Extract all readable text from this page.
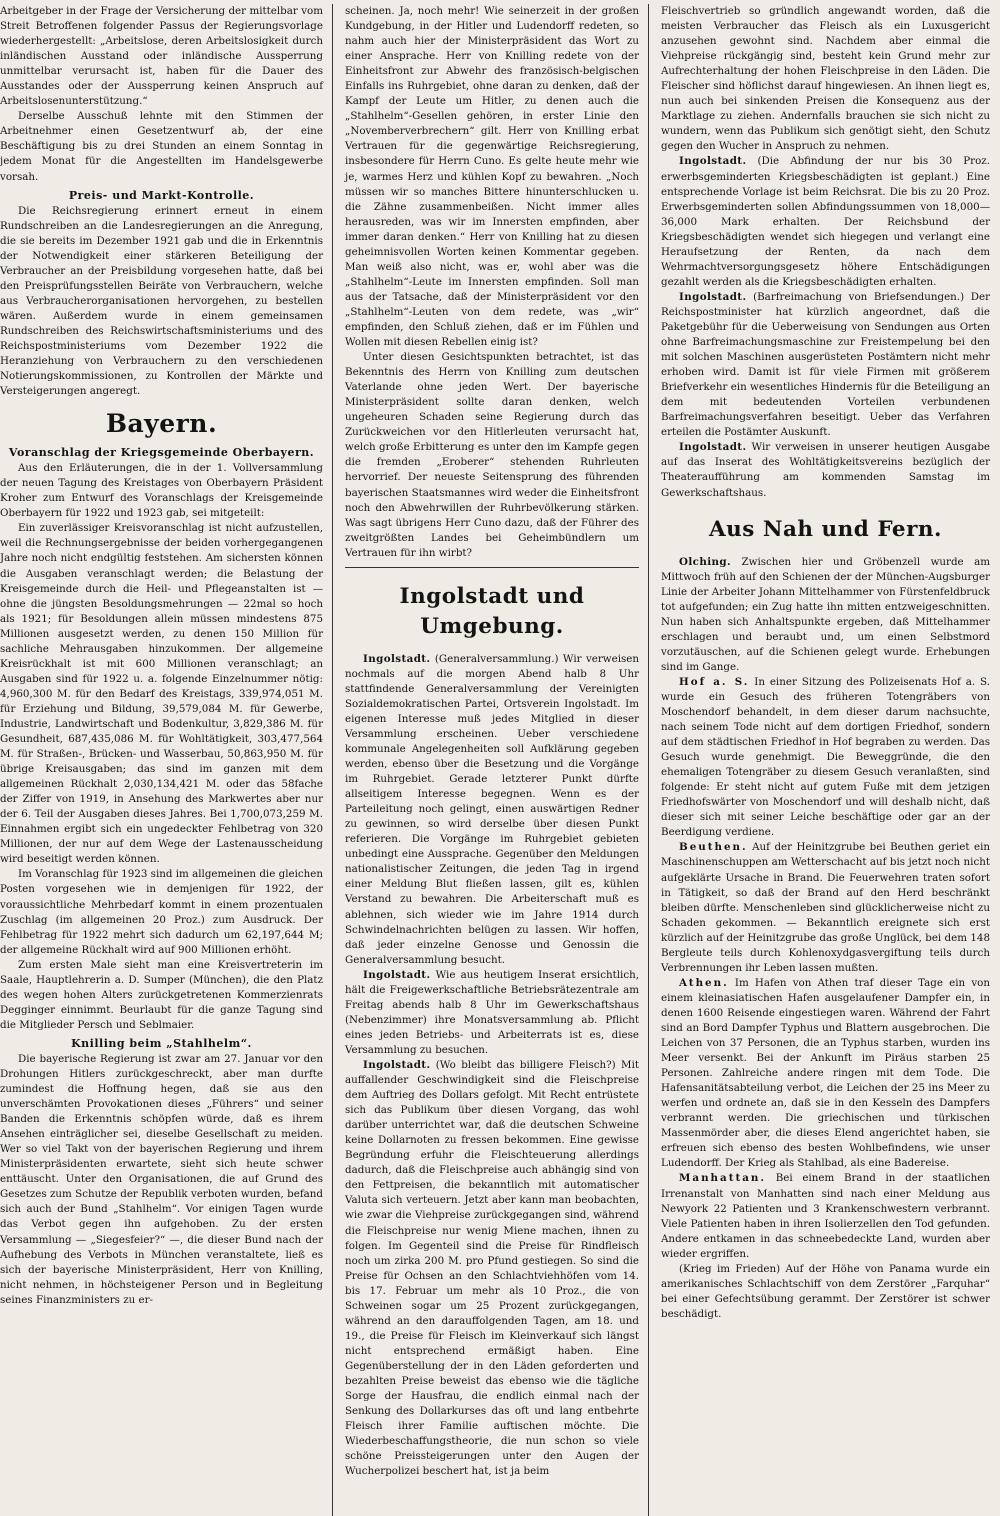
Arbeitgeber in der Frage der Versicherung der mittelbar vom Streit Betroffenen folgender Passus der Regierungsvorlage wiederhergestellt: „Arbeitslose, deren Arbeitslosigkeit durch inländischen Ausstand oder inländische Aussperrung unmittelbar verursacht ist, haben für die Dauer des Ausstandes oder der Aussperrung keinen Anspruch auf Arbeitslosenunterstützung.“

Derselbe Ausschuß lehnte mit den Stimmen der Arbeitnehmer einen Gesetzentwurf ab, der eine Beschäftigung bis zu drei Stunden an einem Sonntag in jedem Monat für die Angestellten im Handelsgewerbe vorsah.

Preis- und Markt-Kontrolle.

Die Reichsregierung erinnert erneut in einem Rundschreiben an die Landesregierungen an die Anregung, die sie bereits im Dezember 1921 gab und die in Erkenntnis der Notwendigkeit einer stärkeren Beteiligung der Verbraucher an der Preisbildung vorgesehen hatte, daß bei den Preisprüfungsstellen Beiräte von Verbrauchern, welche aus Verbraucherorganisationen hervorgehen, zu bestellen wären. Außerdem wurde in einem gemeinsamen Rundschreiben des Reichswirtschaftsministeriums und des Reichspostministeriums vom Dezember 1922 die Heranziehung von Verbrauchern zu den verschiedenen Notierungskommissionen, zu Kontrollen der Märkte und Versteigerungen angeregt.

Bayern.
Voranschlag der Kriegsgemeinde Oberbayern.

Aus den Erläuterungen, die in der 1. Vollversammlung der neuen Tagung des Kreistages von Oberbayern Präsident Kroher zum Entwurf des Voranschlags der Kreisgemeinde Oberbayern für 1922 und 1923 gab, sei mitgeteilt:

Ein zuverlässiger Kreisvoranschlag ist nicht aufzustellen, weil die Rechnungsergebnisse der beiden vorhergegangenen Jahre noch nicht endgültig feststehen. Am sichersten können die Ausgaben veranschlagt werden; die Belastung der Kreisgemeinde durch die Heil- und Pflegeanstalten ist — ohne die jüngsten Besoldungsmehrungen — 22mal so hoch als 1921; für Besoldungen allein müssen mindestens 875 Millionen ausgesetzt werden, zu denen 150 Million für sachliche Mehrausgaben hinzukommen. Der allgemeine Kreisrückhalt ist mit 600 Millionen veranschlagt; an Ausgaben sind für 1922 u. a. folgende Einzelnummer nötig: 4,960,300 M. für den Bedarf des Kreistags, 339,974,051 M. für Erziehung und Bildung, 39,579,084 M. für Gewerbe, Industrie, Landwirtschaft und Bodenkultur, 3,829,386 M. für Gesundheit, 687,435,086 M. für Wohltätigkeit, 303,477,564 M. für Straßen-, Brücken- und Wasserbau, 50,863,950 M. für übrige Kreisausgaben; das sind im ganzen mit dem allgemeinen Rückhalt 2,030,134,421 M. oder das 58fache der Ziffer von 1919, in Ansehung des Markwertes aber nur der 6. Teil der Ausgaben dieses Jahres. Bei 1,700,073,259 M. Einnahmen ergibt sich ein ungedeckter Fehlbetrag von 320 Millionen, der nur auf dem Wege der Lastenausscheidung wird beseitigt werden können.

Im Voranschlag für 1923 sind im allgemeinen die gleichen Posten vorgesehen wie in demjenigen für 1922, der voraussichtliche Mehrbedarf kommt in einem prozentualen Zuschlag (im allgemeinen 20 Proz.) zum Ausdruck. Der Fehlbetrag für 1922 mehrt sich dadurch um 62,197,644 M; der allgemeine Rückhalt wird auf 900 Millionen erhöht.

Zum ersten Male sieht man eine Kreisvertreterin im Saale, Hauptlehrerin a. D. Sumper (München), die den Platz des wegen hohen Alters zurückgetretenen Kommerzienrats Degginger einnimmt. Beurlaubt für die ganze Tagung sind die Mitglieder Persch und Seblmaier.

Knilling beim „Stahlhelm“.

Die bayerische Regierung ist zwar am 27. Januar vor den Drohungen Hitlers zurückgeschreckt, aber man durfte zumindest die Hoffnung hegen, daß sie aus den unverschämten Provokationen dieses „Führers“ und seiner Banden die Erkenntnis schöpfen würde, daß es ihrem Ansehen einträglicher sei, dieselbe Gesellschaft zu meiden. Wer so viel Takt von der bayerischen Regierung und ihrem Ministerpräsidenten erwartete, sieht sich heute schwer enttäuscht. Unter den Organisationen, die auf Grund des Gesetzes zum Schutze der Republik verboten wurden, befand sich auch der Bund „Stahlhelm“. Vor einigen Tagen wurde das Verbot gegen ihn aufgehoben. Zu der ersten Versammlung — „Siegesfeier?“ —, die dieser Bund nach der Aufhebung des Verbots in München veranstaltete, ließ es sich der bayerische Ministerpräsident, Herr von Knilling, nicht nehmen, in höchsteigener Person und in Begleitung seines Finanzministers zu er-

scheinen. Ja, noch mehr! Wie seinerzeit in der großen Kundgebung, in der Hitler und Ludendorff redeten, so nahm auch hier der Ministerpräsident das Wort zu einer Ansprache. Herr von Knilling redete von der Einheitsfront zur Abwehr des französisch-belgischen Einfalls ins Ruhrgebiet, ohne daran zu denken, daß der Kampf der Leute um Hitler, zu denen auch die „Stahlhelm“-Gesellen gehören, in erster Linie den „Novemberverbrechern“ gilt. Herr von Knilling erbat Vertrauen für die gegenwärtige Reichsregierung, insbesondere für Herrn Cuno. Es gelte heute mehr wie je, warmes Herz und kühlen Kopf zu bewahren. „Noch müssen wir so manches Bittere hinunterschlucken u. die Zähne zusammenbeißen. Nicht immer alles herausreden, was wir im Innersten empfinden, aber immer daran denken.“ Herr von Knilling hat zu diesen geheimnisvollen Worten keinen Kommentar gegeben. Man weiß also nicht, was er, wohl aber was die „Stahlhelm“-Leute im Innersten empfinden. Soll man aus der Tatsache, daß der Ministerpräsident vor den „Stahlhelm“-Leuten von dem redete, was „wir“ empfinden, den Schluß ziehen, daß er im Fühlen und Wollen mit diesen Rebellen einig ist?

Unter diesen Gesichtspunkten betrachtet, ist das Bekenntnis des Herrn von Knilling zum deutschen Vaterlande ohne jeden Wert. Der bayerische Ministerpräsident sollte daran denken, welch ungeheuren Schaden seine Regierung durch das Zurückweichen vor den Hitlerleuten verursacht hat, welch große Erbitterung es unter den im Kampfe gegen die fremden „Eroberer“ stehenden Ruhrleuten hervorrief. Der neueste Seitensprung des führenden bayerischen Staatsmannes wird weder die Einheitsfront noch den Abwehrwillen der Ruhrbevölkerung stärken. Was sagt übrigens Herr Cuno dazu, daß der Führer des zweitgrößten Landes bei Geheimbündlern um Vertrauen für ihn wirbt?

Ingolstadt und Umgebung.

Ingolstadt. (Generalversammlung.) Wir verweisen nochmals auf die morgen Abend halb 8 Uhr stattfindende Generalversammlung der Vereinigten Sozialdemokratischen Partei, Ortsverein Ingolstadt. Im eigenen Interesse muß jedes Mitglied in dieser Versammlung erscheinen. Ueber verschiedene kommunale Angelegenheiten soll Aufklärung gegeben werden, ebenso über die Besetzung und die Vorgänge im Ruhrgebiet. Gerade letzterer Punkt dürfte allseitigem Interesse begegnen. Wenn es der Parteileitung noch gelingt, einen auswärtigen Redner zu gewinnen, so wird derselbe über diesen Punkt referieren. Die Vorgänge im Ruhrgebiet gebieten unbedingt eine Aussprache. Gegenüber den Meldungen nationalistischer Zeitungen, die jeden Tag in irgend einer Meldung Blut fließen lassen, gilt es, kühlen Verstand zu bewahren. Die Arbeiterschaft muß es ablehnen, sich wieder wie im Jahre 1914 durch Schwindelnachrichten belügen zu lassen. Wir hoffen, daß jeder einzelne Genosse und Genossin die Generalversammlung besucht.

Ingolstadt. Wie aus heutigem Inserat ersichtlich, hält die Freigewerkschaftliche Betriebsrätezentrale am Freitag abends halb 8 Uhr im Gewerkschaftshaus (Nebenzimmer) ihre Monatsversammlung ab. Pflicht eines jeden Betriebs- und Arbeiterrats ist es, diese Versammlung zu besuchen.

Ingolstadt. (Wo bleibt das billigere Fleisch?) Mit auffallender Geschwindigkeit sind die Fleischpreise dem Auftrieg des Dollars gefolgt. Mit Recht entrüstete sich das Publikum über diesen Vorgang, das wohl darüber unterrichtet war, daß die deutschen Schweine keine Dollarnoten zu fressen bekommen. Eine gewisse Begründung erfuhr die Fleischteuerung allerdings dadurch, daß die Fleischpreise auch abhängig sind von den Fettpreisen, die bekanntlich mit automatischer Valuta sich verteuern. Jetzt aber kann man beobachten, wie zwar die Viehpreise zurückgegangen sind, während die Fleischpreise nur wenig Miene machen, ihnen zu folgen. Im Gegenteil sind die Preise für Rindfleisch noch um zirka 200 M. pro Pfund gestiegen. So sind die Preise für Ochsen an den Schlachtviehhöfen vom 14. bis 17. Februar um mehr als 10 Proz., die von Schweinen sogar um 25 Prozent zurückgegangen, während an den darauffolgenden Tagen, am 18. und 19., die Preise für Fleisch im Kleinverkauf sich längst nicht entsprechend ermäßigt haben. Eine Gegenüberstellung der in den Läden geforderten und bezahlten Preise beweist das ebenso wie die tägliche Sorge der Hausfrau, die endlich einmal nach der Senkung des Dollarkurses das oft und lang entbehrte Fleisch ihrer Familie auftischen möchte. Die Wiederbeschaffungstheorie, die nun schon so viele schöne Preissteigerungen unter den Augen der Wucherpolizei beschert hat, ist ja beim

Fleischvertrieb so gründlich angewandt worden, daß die meisten Verbraucher das Fleisch als ein Luxusgericht anzusehen gewohnt sind. Nachdem aber einmal die Viehpreise rückgängig sind, besteht kein Grund mehr zur Aufrechterhaltung der hohen Fleischpreise in den Läden. Die Fleischer sind höflichst darauf hingewiesen. An ihnen liegt es, nun auch bei sinkenden Preisen die Konsequenz aus der Marktlage zu ziehen. Andernfalls brauchen sie sich nicht zu wundern, wenn das Publikum sich genötigt sieht, den Schutz gegen den Wucher in Anspruch zu nehmen.

Ingolstadt. (Die Abfindung der nur bis 30 Proz. erwerbsgeminderten Kriegsbeschädigten ist geplant.) Eine entsprechende Vorlage ist beim Reichsrat. Die bis zu 20 Proz. Erwerbsgeminderten sollen Abfindungssummen von 18,000—36,000 Mark erhalten. Der Reichsbund der Kriegsbeschädigten wendet sich hiegegen und verlangt eine Heraufsetzung der Renten, da nach dem Wehrmachtversorgungsgesetz höhere Entschädigungen gezahlt werden als die Kriegsbeschädigten erhalten.

Ingolstadt. (Barfreimachung von Briefsendungen.) Der Reichspostminister hat kürzlich angeordnet, daß die Paketgebühr für die Ueberweisung von Sendungen aus Orten ohne Barfreimachungsmaschine zur Freistempelung bei den mit solchen Maschinen ausgerüsteten Postämtern nicht mehr erhoben wird. Damit ist für viele Firmen mit größerem Briefverkehr ein wesentliches Hindernis für die Beteiligung an dem mit bedeutenden Vorteilen verbundenen Barfreimachungsverfahren beseitigt. Ueber das Verfahren erteilen die Postämter Auskunft.

Ingolstadt. Wir verweisen in unserer heutigen Ausgabe auf das Inserat des Wohltätigkeitsvereins bezüglich der Theateraufführung am kommenden Samstag im Gewerkschaftshaus.

Aus Nah und Fern.

Olching. Zwischen hier und Gröbenzell wurde am Mittwoch früh auf den Schienen der der München-Augsburger Linie der Arbeiter Johann Mittelhammer von Fürstenfeldbruck tot aufgefunden; ein Zug hatte ihn mitten entzweigeschnitten. Nun haben sich Anhaltspunkte ergeben, daß Mittelhammer erschlagen und beraubt und, um einen Selbstmord vorzutäuschen, auf die Schienen gelegt wurde. Erhebungen sind im Gange.

Hof a. S. In einer Sitzung des Polizeisenats Hof a. S. wurde ein Gesuch des früheren Totengräbers von Moschendorf behandelt, in dem dieser darum nachsuchte, nach seinem Tode nicht auf dem dortigen Friedhof, sondern auf dem städtischen Friedhof in Hof begraben zu werden. Das Gesuch wurde genehmigt. Die Beweggründe, die den ehemaligen Totengräber zu diesem Gesuch veranlaßten, sind folgende: Er steht nicht auf gutem Fuße mit dem jetzigen Friedhofswärter von Moschendorf und will deshalb nicht, daß dieser sich mit seiner Leiche beschäftige oder gar an der Beerdigung verdiene.

Beuthen. Auf der Heinitzgrube bei Beuthen geriet ein Maschinenschuppen am Wetterschacht auf bis jetzt noch nicht aufgeklärte Ursache in Brand. Die Feuerwehren traten sofort in Tätigkeit, so daß der Brand auf den Herd beschränkt bleiben dürfte. Menschenleben sind glücklicherweise nicht zu Schaden gekommen. — Bekanntlich ereignete sich erst kürzlich auf der Heinitzgrube das große Unglück, bei dem 148 Bergleute teils durch Kohlenoxydgasvergiftung teils durch Verbrennungen ihr Leben lassen mußten.

Athen. Im Hafen von Athen traf dieser Tage ein von einem kleinasiatischen Hafen ausgelaufener Dampfer ein, in denen 1600 Reisende eingestiegen waren. Während der Fahrt sind an Bord Dampfer Typhus und Blattern ausgebrochen. Die Leichen von 37 Personen, die an Typhus starben, wurden ins Meer versenkt. Bei der Ankunft im Piräus starben 25 Personen. Zahlreiche andere ringen mit dem Tode. Die Hafensanitätsabteilung verbot, die Leichen der 25 ins Meer zu werfen und ordnete an, daß sie in den Kesseln des Dampfers verbrannt werden. Die griechischen und türkischen Massenmörder aber, die dieses Elend angerichtet haben, sie erfreuen sich ebenso des besten Wohlbefindens, wie unser Ludendorff. Der Krieg als Stahlbad, als eine Badereise.

Manhattan. Bei einem Brand in der staatlichen Irrenanstalt von Manhatten sind nach einer Meldung aus Newyork 22 Patienten und 3 Krankenschwestern verbrannt. Viele Patienten haben in ihren Isolierzellen den Tod gefunden. Andere entkamen in das schneebedeckte Land, wurden aber wieder ergriffen.

(Krieg im Frieden) Auf der Höhe von Panama wurde ein amerikanisches Schlachtschiff von dem Zerstörer „Farquhar“ bei einer Gefechtsübung gerammt. Der Zerstörer ist schwer beschädigt.
